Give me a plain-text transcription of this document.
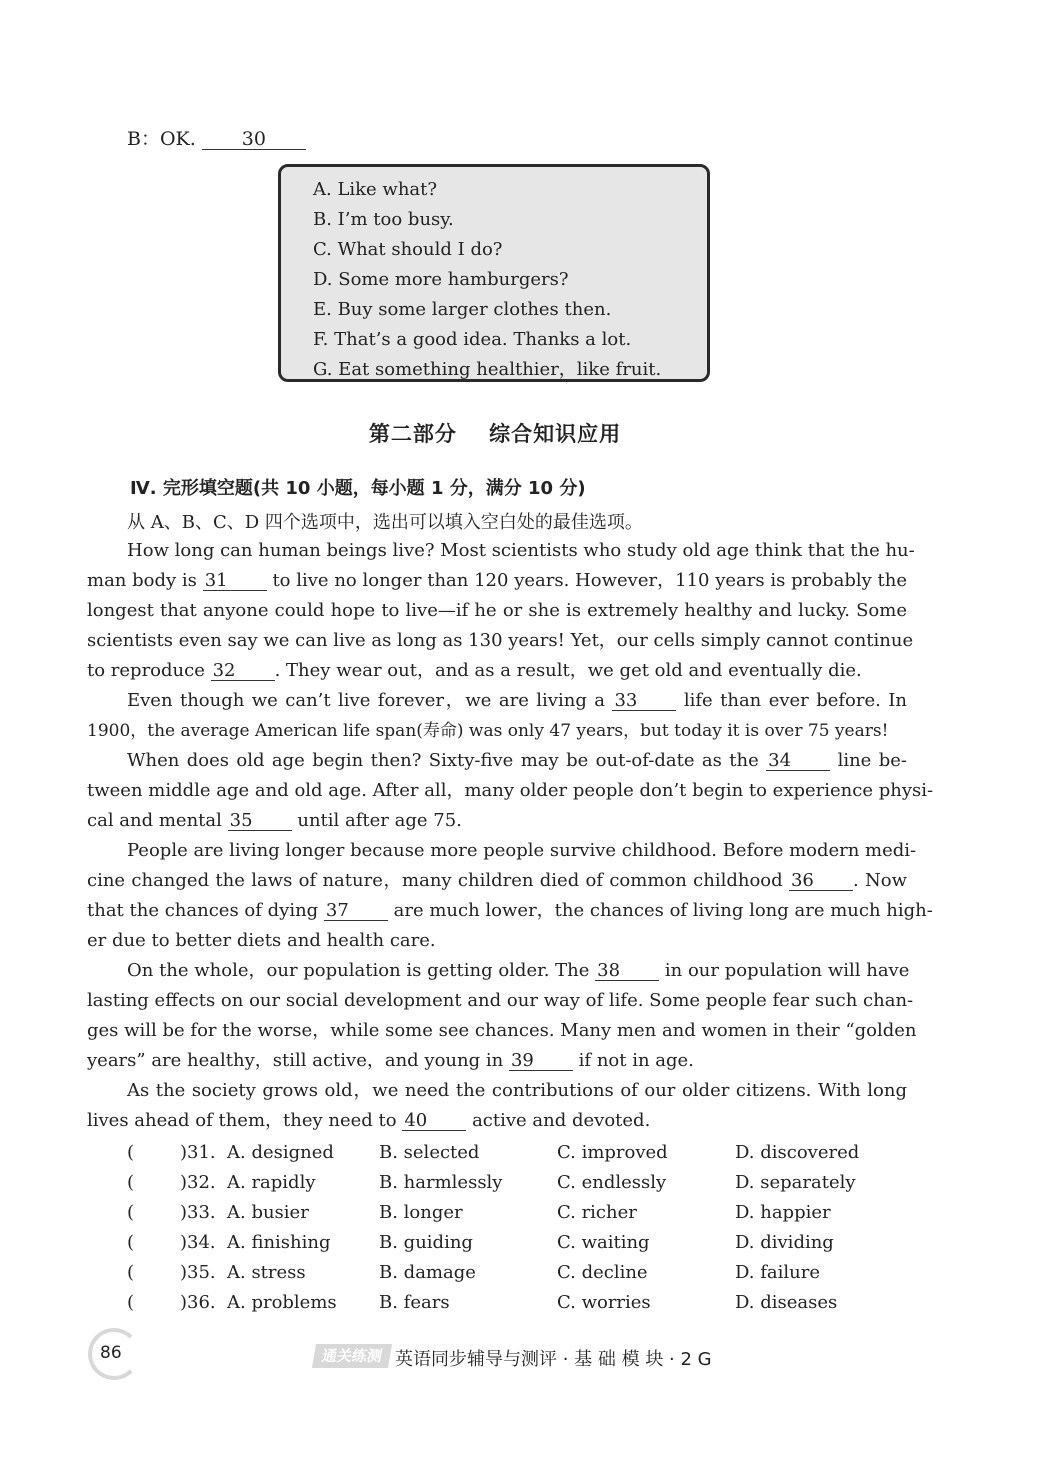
B：OK. 30
A. Like what?
B. I’m too busy.
C. What should I do?
D. Some more hamburgers?
E. Buy some larger clothes then.
F. That’s a good idea. Thanks a lot.
G. Eat something healthier，like fruit.
第二部分 综合知识应用
Ⅳ. 完形填空题(共 10 小题，每小题 1 分，满分 10 分)
从 A、B、C、D 四个选项中，选出可以填入空白处的最佳选项。
How long can human beings live? Most scientists who study old age think that the hu-
man body is 31 to live no longer than 120 years. However，110 years is probably the
longest that anyone could hope to live—if he or she is extremely healthy and lucky. Some
scientists even say we can live as long as 130 years! Yet，our cells simply cannot continue
to reproduce 32 . They wear out，and as a result，we get old and eventually die.
Even though we can’t live forever，we are living a 33	life than ever before. In
1900，the average American life span(寿命) was only 47 years，but today it is over 75 years!
When does old age begin then? Sixty-five may be out-of-date as the 34	line be-
tween middle age and old age. After all，many older people don’t begin to experience physi-
cal and mental 35 until after age 75.
People are living longer because more people survive childhood. Before modern medi-
cine changed the laws of nature，many children died of common childhood 36 . Now
that the chances of dying 37 are much lower，the chances of living long are much high-
er due to better diets and health care.
On the whole，our population is getting older. The 38 in our population will have
lasting effects on our social development and our way of life. Some people fear such chan-
ges will be for the worse，while some see chances. Many men and women in their “golden
years” are healthy，still active，and young in 39 if not in age.
As the society grows old，we need the contributions of our older citizens. With long
lives ahead of them，they need to 40 active and devoted.
(	)31. A. designed	B. selected	C. improved	D. discovered
(	)32. A. rapidly	B. harmlessly	C. endlessly	D. separately
(	)33. A. busier	B. longer	C. richer	D. happier
(	)34. A. finishing	B. guiding	C. waiting	D. dividing
(	)35. A. stress	B. damage	C. decline	D. failure
(	)36. A. problems B. fears	C. worries	D. diseases
86	通关练测 英语同步辅导与测评 · 基 础 模 块 · 2 G
